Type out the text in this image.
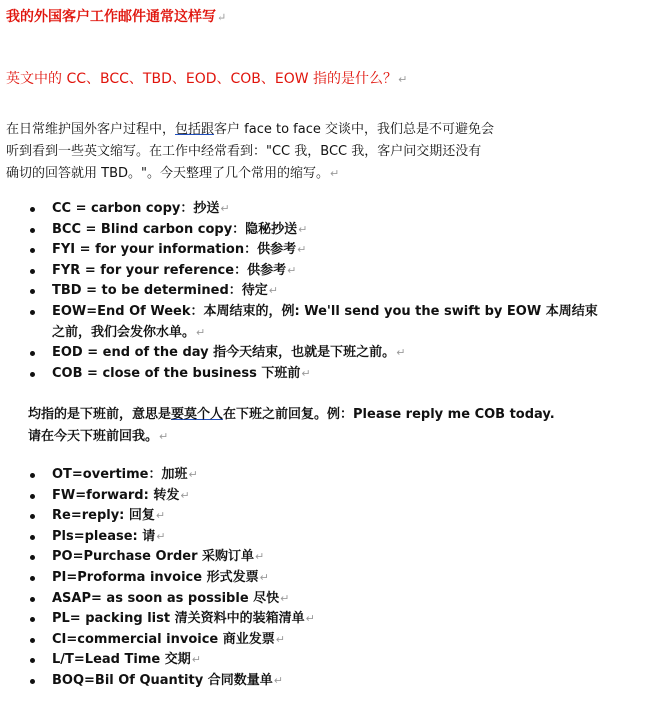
我的外国客户工作邮件通常这样写↵
英文中的 CC、BCC、TBD、EOD、COB、EOW 指的是什么？↵
在日常维护国外客户过程中，包括跟客户 face to face 交谈中，我们总是不可避免会
听到看到一些英文缩写。在工作中经常看到："CC 我，BCC 我，客户问交期还没有
确切的回答就用 TBD。"。今天整理了几个常用的缩写。↵
CC = carbon copy：抄送↵
BCC = Blind carbon copy：隐秘抄送↵
FYI = for your information：供参考↵
FYR = for your reference：供参考↵
TBD = to be determined：待定↵
EOW=End Of Week：本周结束的，例: We'll send you the swift by EOW 本周结束
之前，我们会发你水单。↵
EOD = end of the day 指今天结束，也就是下班之前。↵
COB = close of the business 下班前↵
均指的是下班前，意思是要莫个人在下班之前回复。例：Please reply me COB today.
请在今天下班前回我。↵
OT=overtime：加班↵
FW=forward: 转发↵
Re=reply: 回复↵
Pls=please: 请↵
PO=Purchase Order 采购订单↵
PI=Proforma invoice 形式发票↵
ASAP= as soon as possible 尽快↵
PL= packing list 清关资料中的装箱清单↵
CI=commercial invoice 商业发票↵
L/T=Lead Time 交期↵
BOQ=Bil Of Quantity 合同数量单↵
